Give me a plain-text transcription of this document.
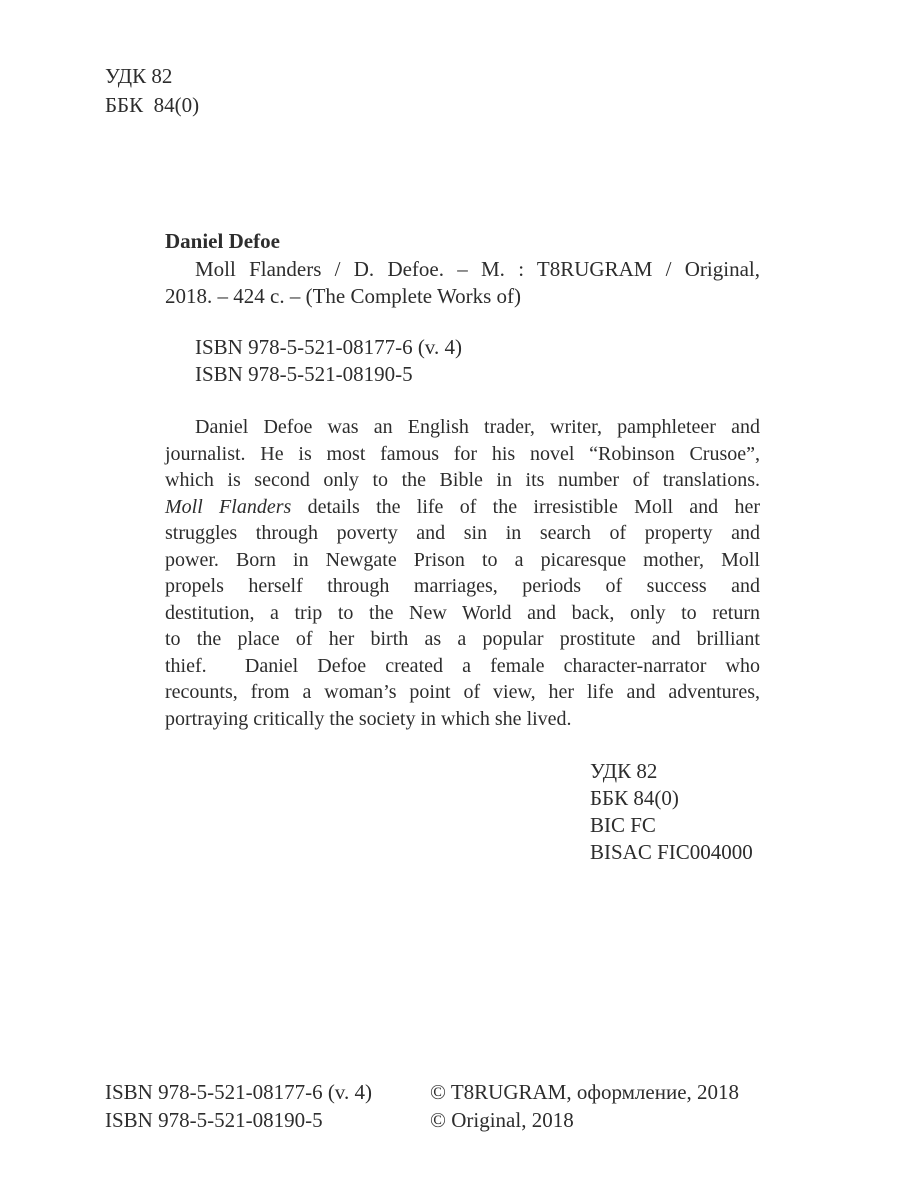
УДК 82
ББК  84(0)
Daniel Defoe
Moll Flanders / D. Defoe. – M. : T8RUGRAM / Original,
2018. – 424 с. – (The Complete Works of)
ISBN 978-5-521-08177-6 (v. 4)
ISBN 978-5-521-08190-5
Daniel Defoe was an English trader, writer, pamphleteer and
journalist. He is most famous for his novel “Robinson Crusoe”,
which is second only to the Bible in its number of translations.
Moll Flanders details the life of the irresistible Moll and her
struggles through poverty and sin in search of property and
power. Born in Newgate Prison to a picaresque mother, Moll
propels herself through marriages, periods of success and
destitution, a trip to the New World and back, only to return
to the place of her birth as a popular prostitute and brilliant
thief.  Daniel Defoe created a female character-narrator who
recounts, from a woman’s point of view, her life and adventures,
portraying critically the society in which she lived.
УДК 82
ББК 84(0)
BIC FC
BISAC FIC004000
ISBN 978-5-521-08177-6 (v. 4)
ISBN 978-5-521-08190-5
© T8RUGRAM, оформление, 2018
© Original, 2018
